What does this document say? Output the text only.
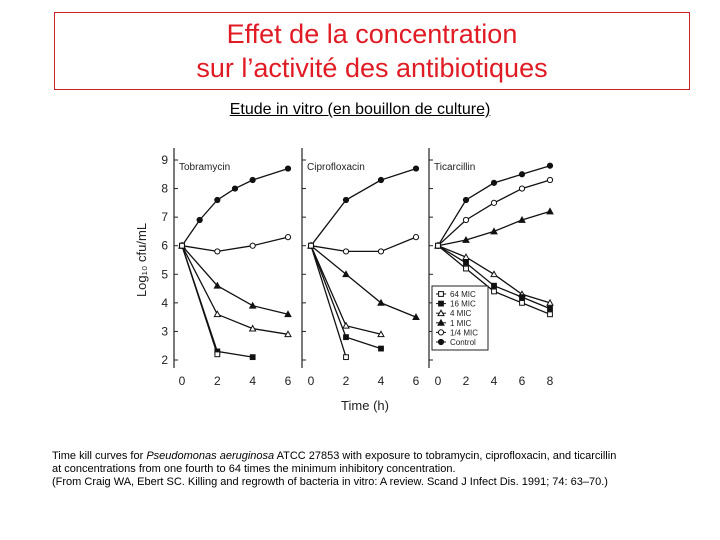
Effet de la concentration
sur l’activité des antibiotiques
Etude in vitro (en bouillon de culture)
Log₁₀ cfu/mL
2
3
4
5
6
7
8
9
Time (h)
Tobramycin
0 2 4 6
Ciprofloxacin
0 2 4 6
Ticarcillin
0 2 4 6 8
64 MIC
16 MIC
4 MIC
1 MIC
1/4 MIC
Control
Time kill curves for Pseudomonas aeruginosa ATCC 27853 with exposure to tobramycin, ciprofloxacin, and ticarcillin
at concentrations from one fourth to 64 times the minimum inhibitory concentration.
(From Craig WA, Ebert SC. Killing and regrowth of bacteria in vitro: A review. Scand J Infect Dis. 1991; 74: 63–70.)
